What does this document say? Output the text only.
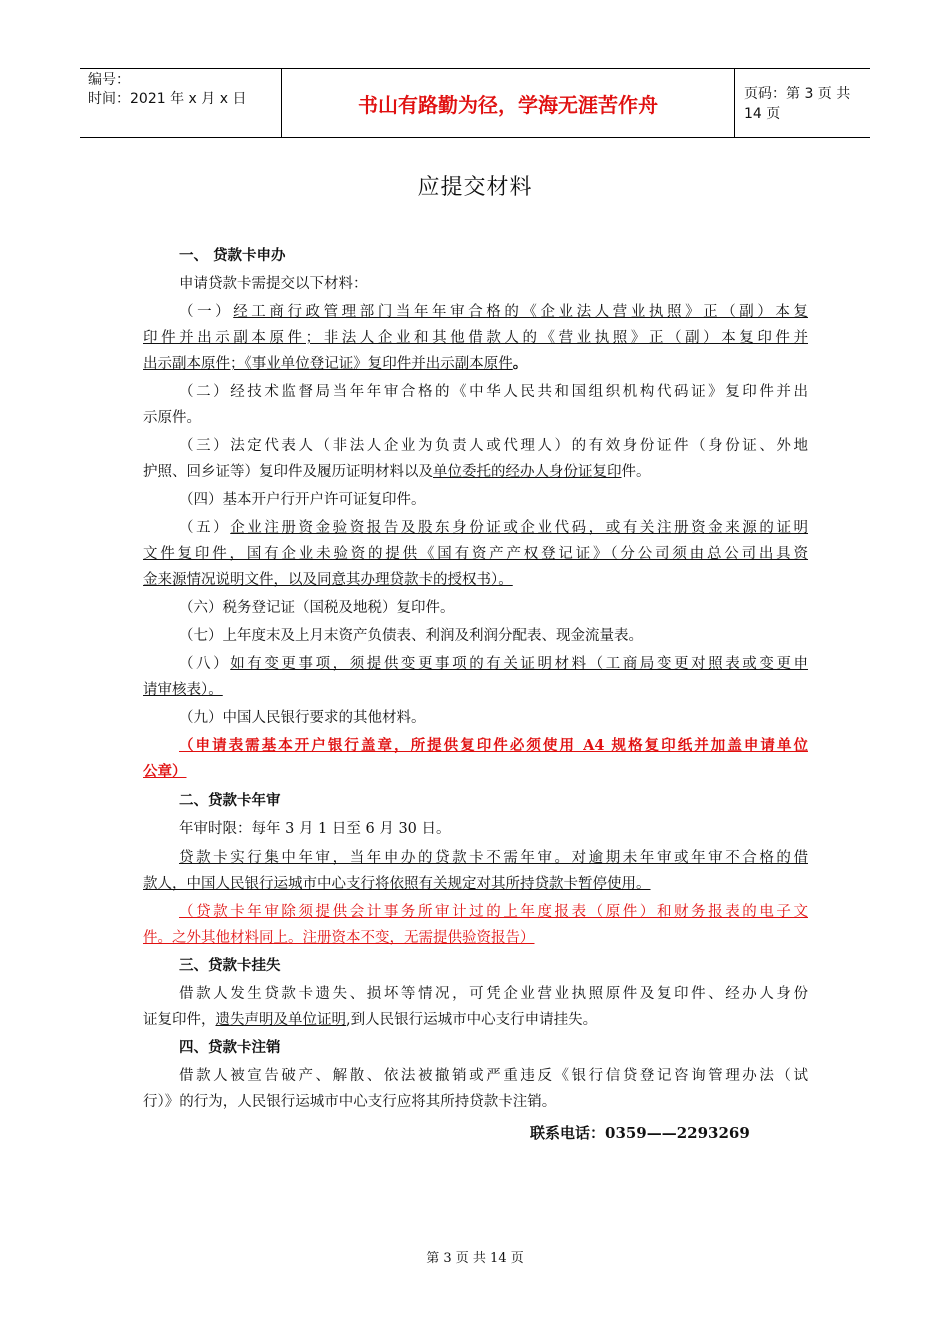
编号：
时间：2021 年 x 月 x 日	书山有路勤为径，学海无涯苦作舟	页码：第 3 页 共 14 页
应提交材料
一、 贷款卡申办
申请贷款卡需提交以下材料：
（一）经工商行政管理部门当年年审合格的《企业法人营业执照》正（副）本复
印件并出示副本原件；非法人企业和其他借款人的《营业执照》正（副）本复印件并
出示副本原件；《事业单位登记证》复印件并出示副本原件。
（二）经技术监督局当年年审合格的《中华人民共和国组织机构代码证》复印件并出
示原件。
（三）法定代表人（非法人企业为负责人或代理人）的有效身份证件（身份证、外地
护照、回乡证等）复印件及履历证明材料以及单位委托的经办人身份证复印件。
（四）基本开户行开户许可证复印件。
（五）企业注册资金验资报告及股东身份证或企业代码，或有关注册资金来源的证明
文件复印件，国有企业未验资的提供《国有资产产权登记证》（分公司须由总公司出具资
金来源情况说明文件，以及同意其办理贷款卡的授权书）。
（六）税务登记证（国税及地税）复印件。
（七）上年度末及上月末资产负债表、利润及利润分配表、现金流量表。
（八）如有变更事项，须提供变更事项的有关证明材料（工商局变更对照表或变更申
请审核表）。
（九）中国人民银行要求的其他材料。
（申请表需基本开户银行盖章，所提供复印件必须使用 A4 规格复印纸并加盖申请单位
公章）
二、贷款卡年审
年审时限：每年 3 月 1 日至 6 月 30 日。
贷款卡实行集中年审，当年申办的贷款卡不需年审。对逾期未年审或年审不合格的借
款人，中国人民银行运城市中心支行将依照有关规定对其所持贷款卡暂停使用。
（贷款卡年审除须提供会计事务所审计过的上年度报表（原件）和财务报表的电子文
件。之外其他材料同上。注册资本不变，无需提供验资报告）
三、贷款卡挂失
借款人发生贷款卡遗失、损坏等情况，可凭企业营业执照原件及复印件、经办人身份
证复印件，遗失声明及单位证明,到人民银行运城市中心支行申请挂失。
四、贷款卡注销
借款人被宣告破产、解散、依法被撤销或严重违反《银行信贷登记咨询管理办法（试
行）》的行为，人民银行运城市中心支行应将其所持贷款卡注销。
联系电话：0359——2293269
第 3 页 共 14 页
